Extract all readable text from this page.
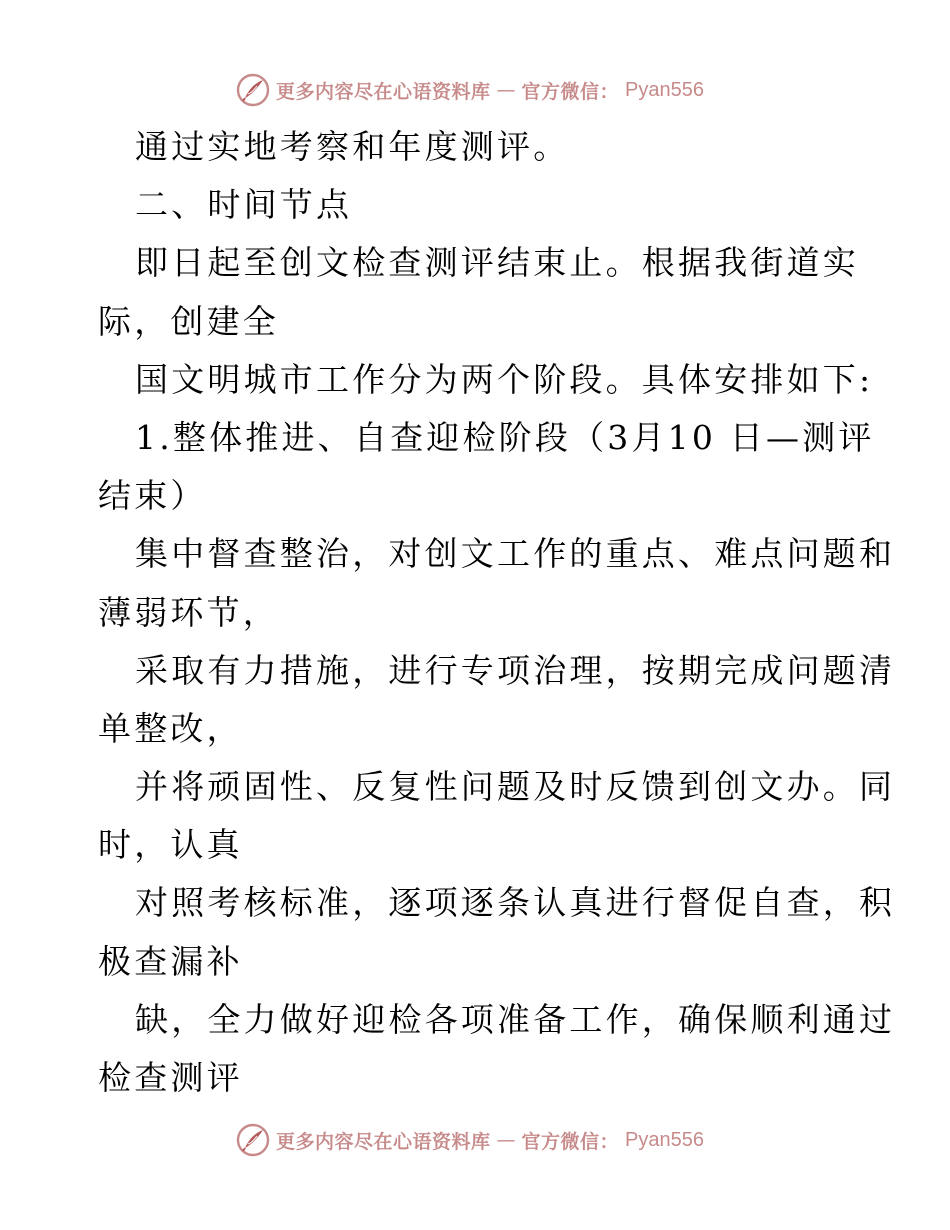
更多内容尽在心语资料库 — 官方微信： Pyan556
通过实地考察和年度测评。
二、时间节点
即日起至创文检查测评结束止。根据我街道实
际，创建全
国文明城市工作分为两个阶段。具体安排如下:
1.整体推进、自查迎检阶段（3月10 日—测评
结束）
集中督查整治，对创文工作的重点、难点问题和
薄弱环节，
采取有力措施，进行专项治理，按期完成问题清
单整改，
并将顽固性、反复性问题及时反馈到创文办。同
时，认真
对照考核标准，逐项逐条认真进行督促自查，积
极查漏补
缺，全力做好迎检各项准备工作，确保顺利通过
检查测评
更多内容尽在心语资料库 — 官方微信： Pyan556
